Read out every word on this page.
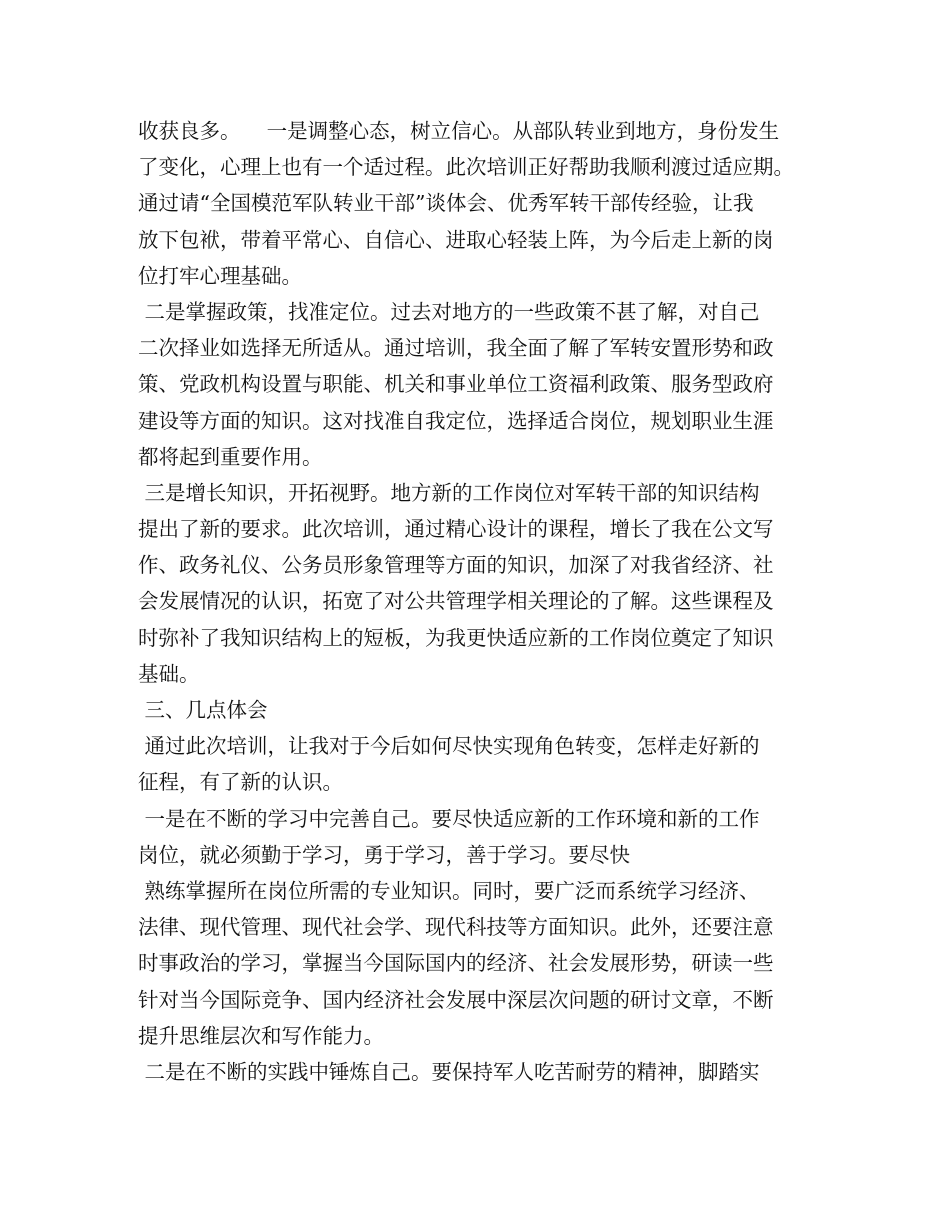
收获良多。    一是调整心态，树立信心。从部队转业到地方，身份发生
了变化，心理上也有一个适过程。此次培训正好帮助我顺利渡过适应期。
通过请“全国模范军队转业干部”谈体会、优秀军转干部传经验，让我
放下包袱，带着平常心、自信心、进取心轻装上阵，为今后走上新的岗
位打牢心理基础。
二是掌握政策，找准定位。过去对地方的一些政策不甚了解，对自己
二次择业如选择无所适从。通过培训，我全面了解了军转安置形势和政
策、党政机构设置与职能、机关和事业单位工资福利政策、服务型政府
建设等方面的知识。这对找准自我定位，选择适合岗位，规划职业生涯
都将起到重要作用。
三是增长知识，开拓视野。地方新的工作岗位对军转干部的知识结构
提出了新的要求。此次培训，通过精心设计的课程，增长了我在公文写
作、政务礼仪、公务员形象管理等方面的知识，加深了对我省经济、社
会发展情况的认识，拓宽了对公共管理学相关理论的了解。这些课程及
时弥补了我知识结构上的短板，为我更快适应新的工作岗位奠定了知识
基础。
三、几点体会
通过此次培训，让我对于今后如何尽快实现角色转变，怎样走好新的
征程，有了新的认识。
一是在不断的学习中完善自己。要尽快适应新的工作环境和新的工作
岗位，就必须勤于学习，勇于学习，善于学习。要尽快
熟练掌握所在岗位所需的专业知识。同时，要广泛而系统学习经济、
法律、现代管理、现代社会学、现代科技等方面知识。此外，还要注意
时事政治的学习，掌握当今国际国内的经济、社会发展形势，研读一些
针对当今国际竞争、国内经济社会发展中深层次问题的研讨文章，不断
提升思维层次和写作能力。
二是在不断的实践中锤炼自己。要保持军人吃苦耐劳的精神，脚踏实
